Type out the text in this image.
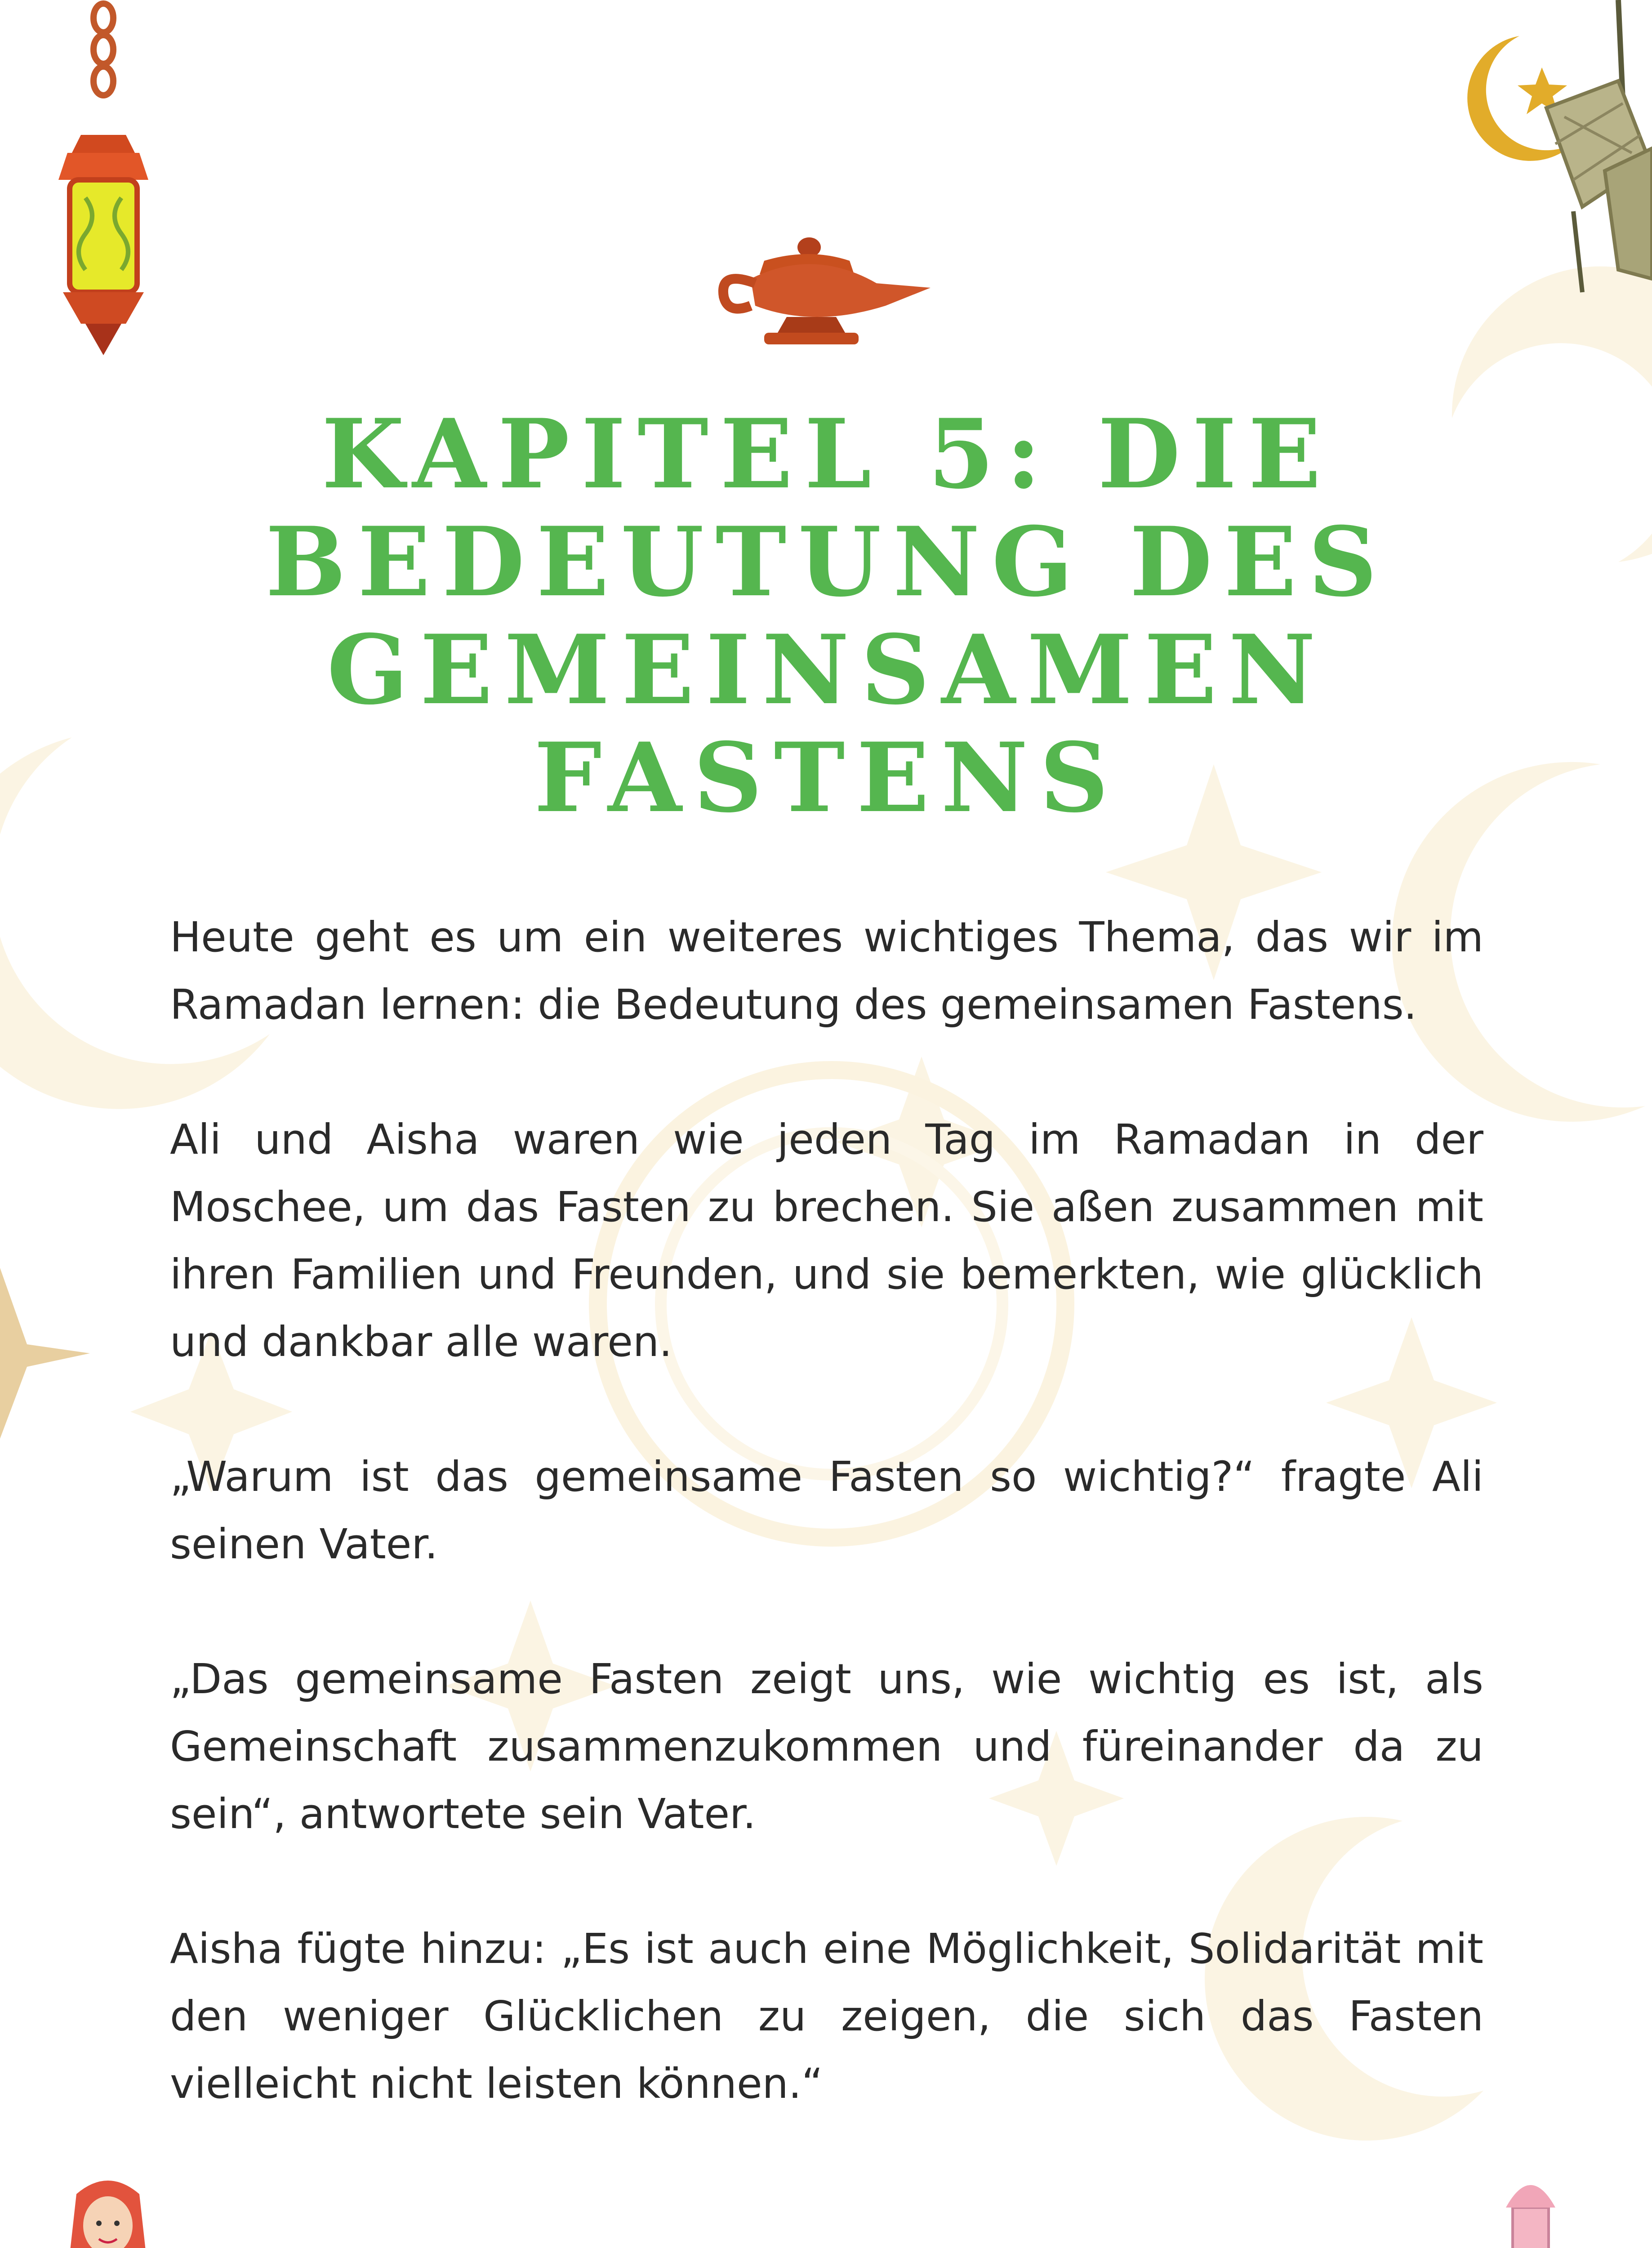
KAPITEL 5: DIE
BEDEUTUNG DES
GEMEINSAMEN
FASTENS

Heute geht es um ein weiteres wichtiges Thema, das wir im Ramadan lernen: die Bedeutung des gemeinsamen Fastens.

Ali und Aisha waren wie jeden Tag im Ramadan in der Moschee, um das Fasten zu brechen. Sie aßen zusammen mit ihren Familien und Freunden, und sie bemerkten, wie glücklich und dankbar alle waren.

„Warum ist das gemeinsame Fasten so wichtig?“ fragte Ali seinen Vater.

„Das gemeinsame Fasten zeigt uns, wie wichtig es ist, als Gemeinschaft zusammenzukommen und füreinander da zu sein“, antwortete sein Vater.

Aisha fügte hinzu: „Es ist auch eine Möglichkeit, Solidarität mit den weniger Glücklichen zu zeigen, die sich das Fasten vielleicht nicht leisten können.“
